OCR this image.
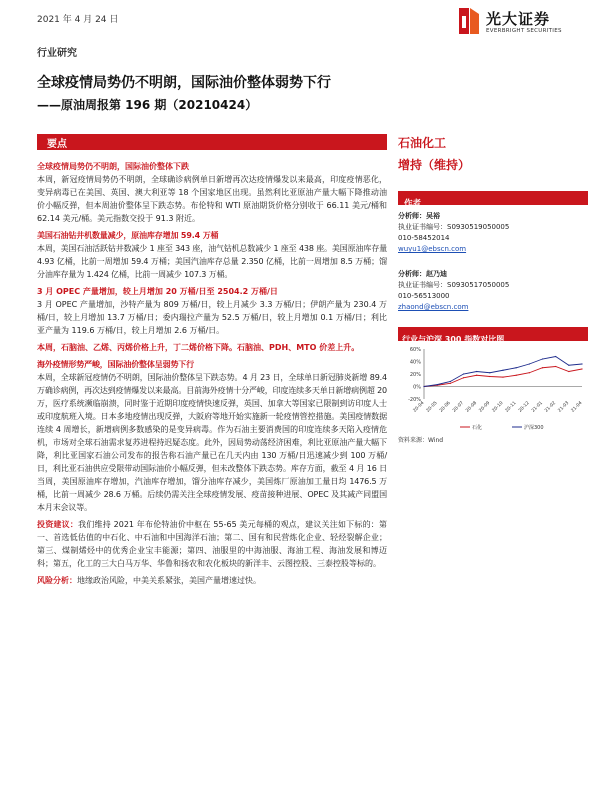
2021 年 4 月 24 日	光大证券
EVERBRIGHT SECURITIES
行业研究
全球疫情局势仍不明朗，国际油价整体弱势下行
——原油周报第 196 期（20210424）
要点

全球疫情局势仍不明朗，国际油价整体下跌
本周，新冠疫情局势仍不明朗，全球确诊病例单日新增再次达疫情爆发以来最高，印度疫情恶化，变异病毒已在美国、英国、澳大利亚等 18 个国家地区出现。虽然利比亚原油产量大幅下降推动油价小幅反弹，但本周油价整体呈下跌态势。布伦特和 WTI 原油期货价格分别收于 66.11 美元/桶和 62.14 美元/桶。美元指数交投于 91.3 附近。

美国石油钻井机数量减少，原油库存增加 59.4 万桶
本周，美国石油活跃钻井数减少 1 座至 343 座，油气钻机总数减少 1 座至 438 座。美国原油库存量 4.93 亿桶，比前一周增加 59.4 万桶；美国汽油库存总量 2.350 亿桶，比前一周增加 8.5 万桶；馏分油库存量为 1.424 亿桶，比前一周减少 107.3 万桶。

3 月 OPEC 产量增加，较上月增加 20 万桶/日至 2504.2 万桶/日
3 月 OPEC 产量增加，沙特产量为 809 万桶/日，较上月减少 3.3 万桶/日；伊朗产量为 230.4 万桶/日，较上月增加 13.7 万桶/日；委内瑞拉产量为 52.5 万桶/日，较上月增加 0.1 万桶/日；利比亚产量为 119.6 万桶/日，较上月增加 2.6 万桶/日。

本周，石脑油、乙烯、丙烯价格上升，丁二烯价格下降。石脑油、PDH、MTO 价差上升。

海外疫情形势严峻，国际油价整体呈弱势下行
本周，全球新冠疫情仍不明朗，国际油价整体呈下跌态势。4 月 23 日，全球单日新冠肺炎新增 89.4 万确诊病例，再次达到疫情爆发以来最高。目前海外疫情十分严峻，印度连续多天单日新增病例超 20 万，医疗系统濒临崩溃，同时鉴于近期印度疫情快速反弹，英国、加拿大等国家已限制到访印度人士或印度航班入境。日本多地疫情出现反弹，大阪府等地开始实施新一轮疫情管控措施。美国疫情数据连续 4 周增长，新增病例多数感染的是变异病毒。作为石油主要消费国的印度连续多天陷入疫情危机，市场对全球石油需求复苏进程持迟疑态度。此外，因局势动荡经济困难，利比亚原油产量大幅下降，利比亚国家石油公司发布的报告称石油产量已在几天内由 130 万桶/日迅速减少到 100 万桶/日，利比亚石油供应受限带动国际油价小幅反弹，但未改整体下跌态势。库存方面，截至 4 月 16 日当周，美国原油库存增加，汽油库存增加，馏分油库存减少，美国炼厂原油加工量日均 1476.5 万桶，比前一周减少 28.6 万桶。后续仍需关注全球疫情发展、疫苗接种进展、OPEC 及其减产同盟国本月末会议等。

投资建议：我们维持 2021 年布伦特油价中枢在 55-65 美元每桶的观点，建议关注如下标的：第一、首选低估值的中石化、中石油和中国海洋石油；第二、国有和民营炼化企业、轻烃裂解企业；第三、煤制烯烃中的优秀企业宝丰能源；第四、油服里的中海油服、海油工程、海油发展和博迈科；第五，化工的三大白马万华、华鲁和扬农和农化板块的新洋丰、云图控股、三泰控股等标的。

风险分析：地缘政治风险，中美关系紧张，美国产量增速过快。

石油化工
增持（维持）
作者
分析师：吴裕
执业证书编号：S0930519050005
010-58452014
wuyu1@ebscn.com
分析师：赵乃迪
执业证书编号：S0930517050005
010-56513000
zhaond@ebscn.com
行业与沪深 300 指数对比图
60%
40%
20%
0%
-20%
20-04 20-05 20-06 20-07 20-08 20-09 20-10 20-11 20-12 21-01 21-02 21-03 21-04
石化	沪深300
资料来源：Wind
